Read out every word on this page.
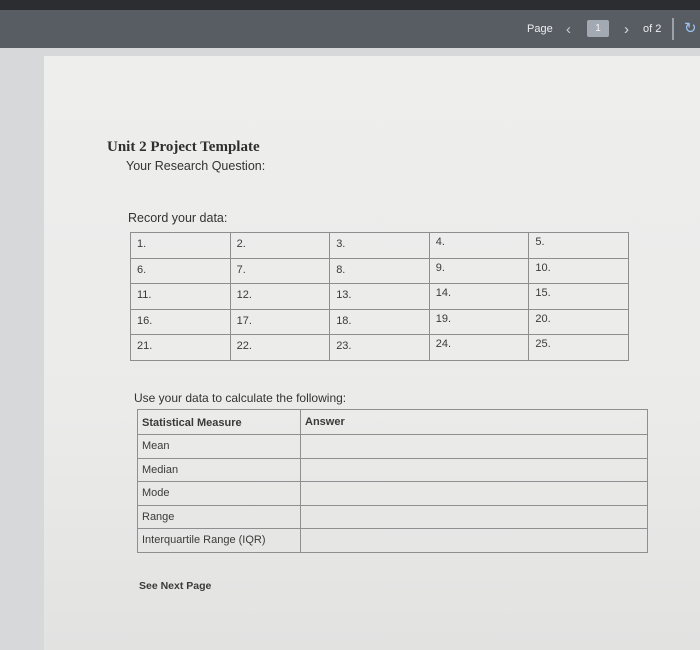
Page ‹	1	› of 2 ↻
Unit 2 Project Template
Your Research Question:
Record your data:
1.	2.	3.	4.	5.
6.	7.	8.	9.	10.
11.	12.	13.	14.	15.
16.	17.	18.	19.	20.
21.	22.	23.	24.	25.
Use your data to calculate the following:
Statistical Measure	Answer
Mean	
Median	
Mode	
Range	
Interquartile Range (IQR)	
See Next Page
